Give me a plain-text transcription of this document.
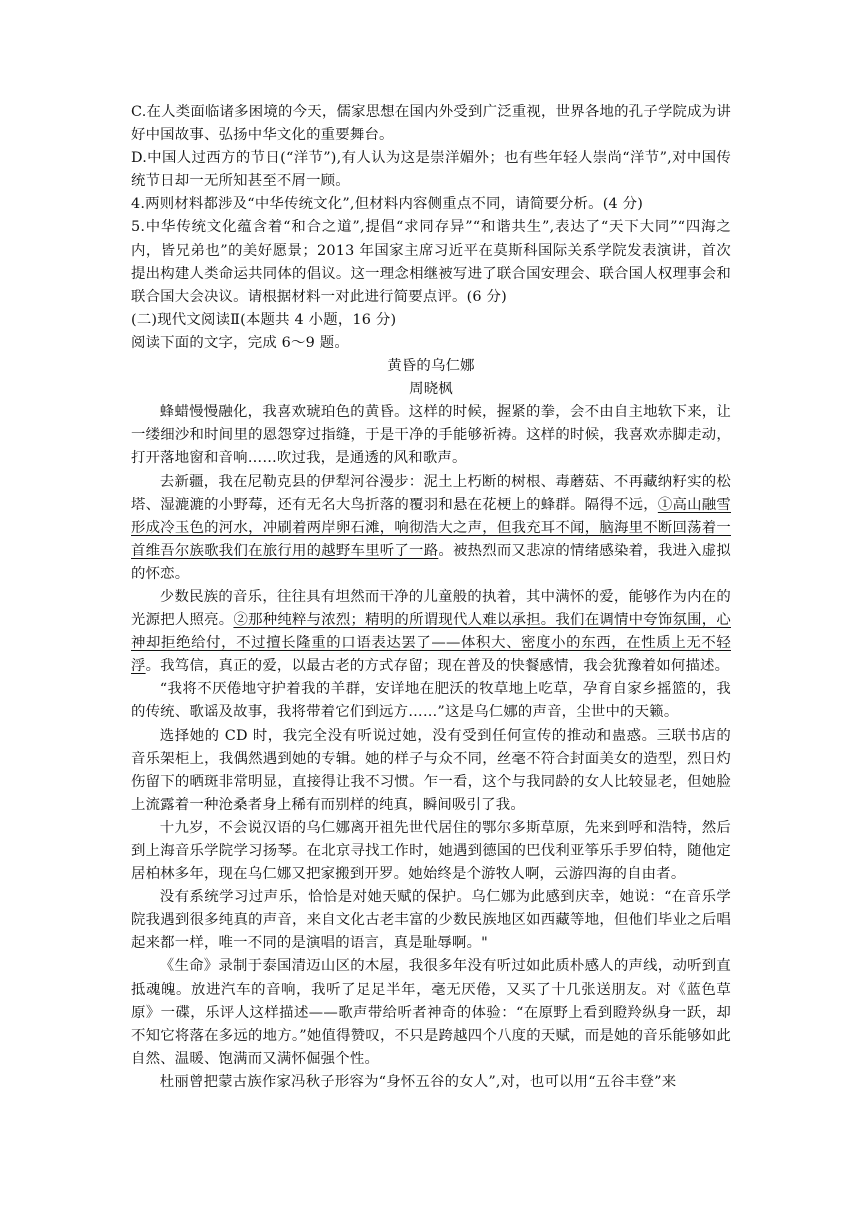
C.在人类面临诸多困境的今天，儒家思想在国内外受到广泛重视，世界各地的孔子学院成为讲好中国故事、弘扬中华文化的重要舞台。

D.中国人过西方的节日(“洋节”),有人认为这是崇洋媚外；也有些年轻人崇尚“洋节”,对中国传统节日却一无所知甚至不屑一顾。

4.两则材料都涉及“中华传统文化”,但材料内容侧重点不同，请简要分析。(4 分)

5.中华传统文化蕴含着“和合之道”,提倡“求同存异”“和谐共生”,表达了“天下大同”“四海之内，皆兄弟也”的美好愿景；2013 年国家主席习近平在莫斯科国际关系学院发表演讲，首次提出构建人类命运共同体的倡议。这一理念相继被写进了联合国安理会、联合国人权理事会和联合国大会决议。请根据材料一对此进行简要点评。(6 分)

(二)现代文阅读Ⅱ(本题共 4 小题，16 分)

阅读下面的文字，完成 6～9 题。

黄昏的乌仁娜

周晓枫

蜂蜡慢慢融化，我喜欢琥珀色的黄昏。这样的时候，握紧的拳，会不由自主地软下来，让一缕细沙和时间里的恩怨穿过指缝，于是干净的手能够祈祷。这样的时候，我喜欢赤脚走动，打开落地窗和音响……吹过我，是通透的风和歌声。

去新疆，我在尼勒克县的伊犁河谷漫步：泥土上朽断的树根、毒蘑菇、不再藏纳籽实的松塔、湿漉漉的小野莓，还有无名大鸟折落的覆羽和悬在花梗上的蜂群。隔得不远，①高山融雪形成冷玉色的河水，冲刷着两岸卵石滩，响彻浩大之声，但我充耳不闻，脑海里不断回荡着一首维吾尔族歌我们在旅行用的越野车里听了一路。被热烈而又悲凉的情绪感染着，我进入虚拟的怀恋。

少数民族的音乐，往往具有坦然而干净的儿童般的执着，其中满怀的爱，能够作为内在的光源把人照亮。②那种纯粹与浓烈；精明的所谓现代人难以承担。我们在调情中夸饰氛围，心神却拒绝给付，不过擅长隆重的口语表达罢了——体积大、密度小的东西，在性质上无不轻浮。我笃信，真正的爱，以最古老的方式存留；现在普及的快餐感情，我会犹豫着如何描述。

“我将不厌倦地守护着我的羊群，安详地在肥沃的牧草地上吃草，孕育自家乡摇篮的，我的传统、歌谣及故事，我将带着它们到远方……”这是乌仁娜的声音，尘世中的天籁。

选择她的 CD 时，我完全没有听说过她，没有受到任何宣传的推动和蛊惑。三联书店的音乐架柜上，我偶然遇到她的专辑。她的样子与众不同，丝毫不符合封面美女的造型，烈日灼伤留下的晒斑非常明显，直接得让我不习惯。乍一看，这个与我同龄的女人比较显老，但她脸上流露着一种沧桑者身上稀有而别样的纯真，瞬间吸引了我。

十九岁，不会说汉语的乌仁娜离开祖先世代居住的鄂尔多斯草原，先来到呼和浩特，然后到上海音乐学院学习扬琴。在北京寻找工作时，她遇到德国的巴伐利亚筝乐手罗伯特，随他定居柏林多年，现在乌仁娜又把家搬到开罗。她始终是个游牧人啊，云游四海的自由者。

没有系统学习过声乐，恰恰是对她天赋的保护。乌仁娜为此感到庆幸，她说：“在音乐学院我遇到很多纯真的声音，来自文化古老丰富的少数民族地区如西藏等地，但他们毕业之后唱起来都一样，唯一不同的是演唱的语言，真是耻辱啊。"

《生命》录制于泰国清迈山区的木屋，我很多年没有听过如此质朴感人的声线，动听到直抵魂魄。放进汽车的音响，我听了足足半年，毫无厌倦，又买了十几张送朋友。对《蓝色草原》一碟，乐评人这样描述——歌声带给听者神奇的体验：“在原野上看到瞪羚纵身一跃，却不知它将落在多远的地方。”她值得赞叹，不只是跨越四个八度的天赋，而是她的音乐能够如此自然、温暖、饱满而又满怀倔强个性。

杜丽曾把蒙古族作家冯秋子形容为“身怀五谷的女人”,对，也可以用“五谷丰登”来
